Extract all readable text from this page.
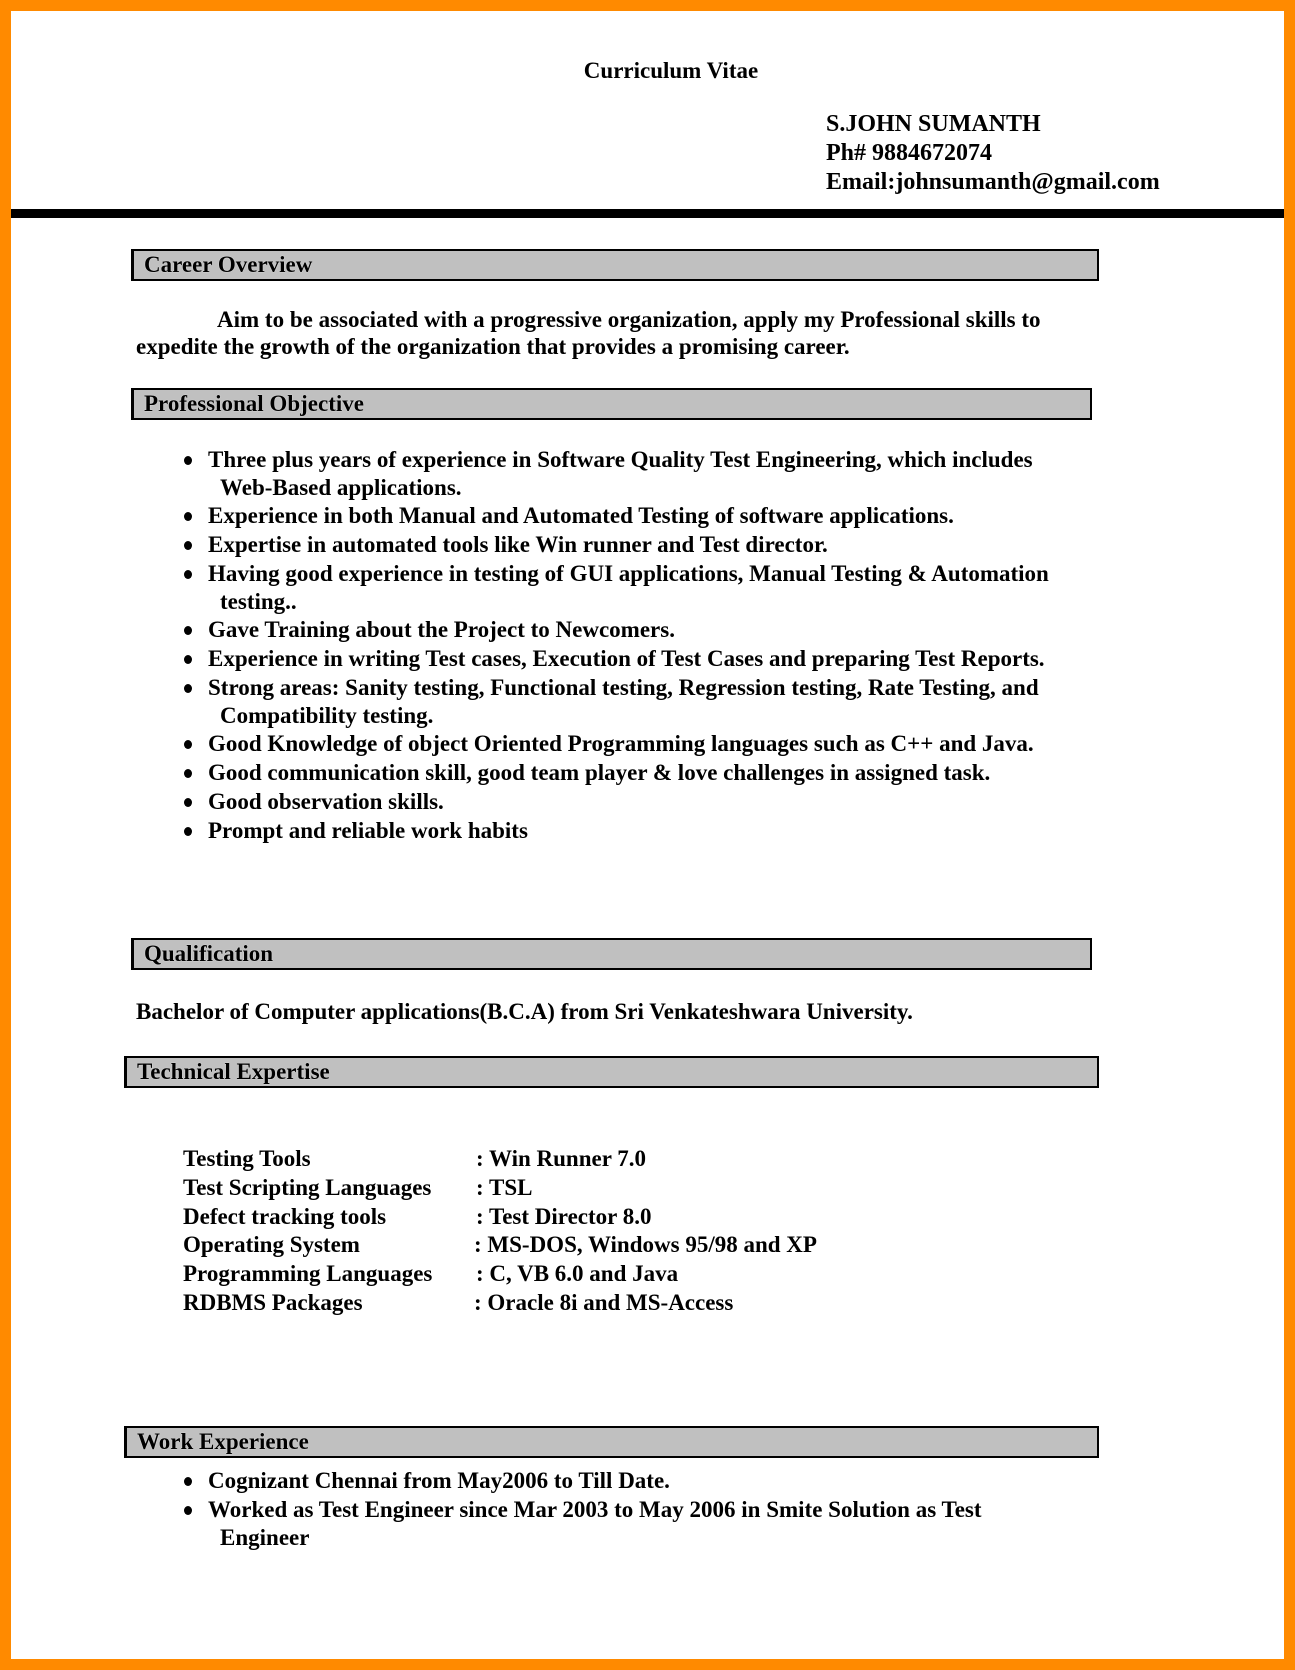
Curriculum Vitae
S.JOHN SUMANTH
Ph# 9884672074
Email:johnsumanth@gmail.com
Career Overview
Aim to be associated with a progressive organization, apply my Professional skills to
expedite the growth of the organization that provides a promising career.
Professional Objective
Three plus years of experience in Software Quality Test Engineering, which includes
Web-Based applications.
Experience in both Manual and Automated Testing of software applications.
Expertise in automated tools like Win runner and Test director.
Having good experience in testing of GUI applications, Manual Testing & Automation
testing..
Gave Training about the Project to Newcomers.
Experience in writing Test cases, Execution of Test Cases and preparing Test Reports.
Strong areas: Sanity testing, Functional testing, Regression testing, Rate Testing, and
Compatibility testing.
Good Knowledge of object Oriented Programming languages such as C++ and Java.
Good communication skill, good team player & love challenges in assigned task.
Good observation skills.
Prompt and reliable work habits
Qualification
Bachelor of Computer applications(B.C.A) from Sri Venkateshwara University.
Technical Expertise
Testing Tools	: Win Runner 7.0
Test Scripting Languages : TSL
Defect tracking tools	: Test Director 8.0
Operating System	: MS-DOS, Windows 95/98 and XP
Programming Languages : C, VB 6.0 and Java
RDBMS Packages	: Oracle 8i and MS-Access
Work Experience
Cognizant Chennai from May2006 to Till Date.
Worked as Test Engineer since Mar 2003 to May 2006 in Smite Solution as Test
Engineer
